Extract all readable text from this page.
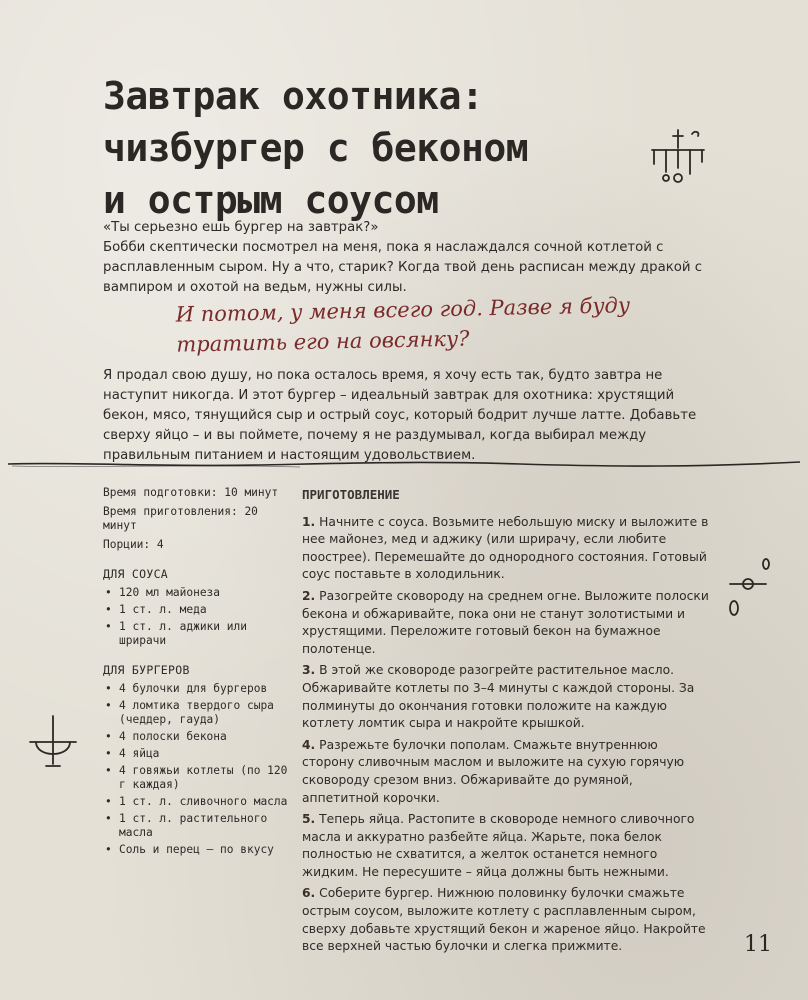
Завтрак охотника:
чизбургер с беконом
и острым соусом

«Ты серьезно ешь бургер на завтрак?»

Бобби скептически посмотрел на меня, пока я наслаждался сочной котлетой с расплавленным сыром. Ну а что, старик? Когда твой день расписан между дракой с вампиром и охотой на ведьм, нужны силы.

И потом, у меня всего год. Разве я буду тратить его на овсянку?

Я продал свою душу, но пока осталось время, я хочу есть так, будто завтра не наступит никогда. И этот бургер – идеальный завтрак для охотника: хрустящий бекон, мясо, тянущийся сыр и острый соус, который бодрит лучше латте. Добавьте сверху яйцо – и вы поймете, почему я не раздумывал, когда выбирал между правильным питанием и настоящим удовольствием.

Время подготовки: 10 минут

Время приготовления: 20 минут

Порции: 4

ДЛЯ СОУСА
• 120 мл майонеза
• 1 ст. л. меда
• 1 ст. л. аджики или шрирачи
ДЛЯ БУРГЕРОВ
• 4 булочки для бургеров
• 4 ломтика твердого сыра (чеддер, гауда)
• 4 полоски бекона
• 4 яйца
• 4 говяжьи котлеты (по 120 г каждая)
• 1 ст. л. сливочного масла
• 1 ст. л. растительного масла
• Соль и перец — по вкусу
ПРИГОТОВЛЕНИЕ

1. Начните с соуса. Возьмите небольшую миску и выложите в нее майонез, мед и аджику (или шрирачу, если любите поострее). Перемешайте до однородного состояния. Готовый соус поставьте в холодильник.

2. Разогрейте сковороду на среднем огне. Выложите полоски бекона и обжаривайте, пока они не станут золотистыми и хрустящими. Переложите готовый бекон на бумажное полотенце.

3. В этой же сковороде разогрейте растительное масло. Обжаривайте котлеты по 3–4 минуты с каждой стороны. За полминуты до окончания готовки положите на каждую котлету ломтик сыра и накройте крышкой.

4. Разрежьте булочки пополам. Смажьте внутреннюю сторону сливочным маслом и выложите на сухую горячую сковороду срезом вниз. Обжаривайте до румяной, аппетитной корочки.

5. Теперь яйца. Растопите в сковороде немного сливочного масла и аккуратно разбейте яйца. Жарьте, пока белок полностью не схватится, а желток останется немного жидким. Не пересушите – яйца должны быть нежными.

6. Соберите бургер. Нижнюю половинку булочки смажьте острым соусом, выложите котлету с расплавленным сыром, сверху добавьте хрустящий бекон и жареное яйцо. Накройте все верхней частью булочки и слегка прижмите.	11
